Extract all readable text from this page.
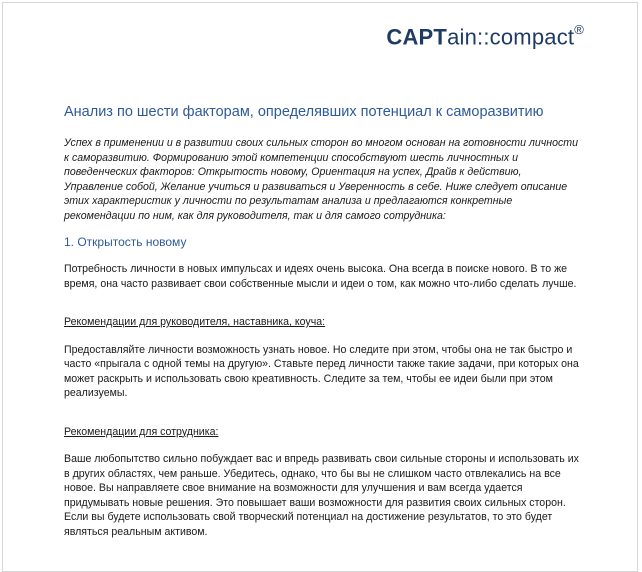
CAPTain::compact®
Анализ по шести факторам, определявших потенциал к саморазвитию

Успех в применении и в развитии своих сильных сторон во многом основан на готовности личности к саморазвитию. Формированию этой компетенции способствуют шесть личностных и поведенческих факторов: Открытость новому, Ориентация на успех, Драйв к действию, Управление собой, Желание учиться и развиваться и Уверенность в себе. Ниже следует описание этих характеристик у личности по результатам анализа и предлагаются конкретные рекомендации по ним, как для руководителя, так и для самого сотрудника:

1. Открытость новому

Потребность личности в новых импульсах и идеях очень высока. Она всегда в поиске нового. В то же время, она часто развивает свои собственные мысли и идеи о том, как можно что-либо сделать лучше.

Рекомендации для руководителя, наставника, коуча:

Предоставляйте личности возможность узнать новое. Но следите при этом, чтобы она не так быстро и часто «прыгала с одной темы на другую». Ставьте перед личности также такие задачи, при которых она может раскрыть и использовать свою креативность. Следите за тем, чтобы ее идеи были при этом реализуемы.

Рекомендации для сотрудника:

Ваше любопытство сильно побуждает вас и впредь развивать свои сильные стороны и использовать их в других областях, чем раньше. Убедитесь, однако, что бы вы не слишком часто отвлекались на все новое. Вы направляете свое внимание на возможности для улучшения и вам всегда удается придумывать новые решения. Это повышает ваши возможности для развития своих сильных сторон. Если вы будете использовать свой творческий потенциал на достижение результатов, то это будет являться реальным активом.
